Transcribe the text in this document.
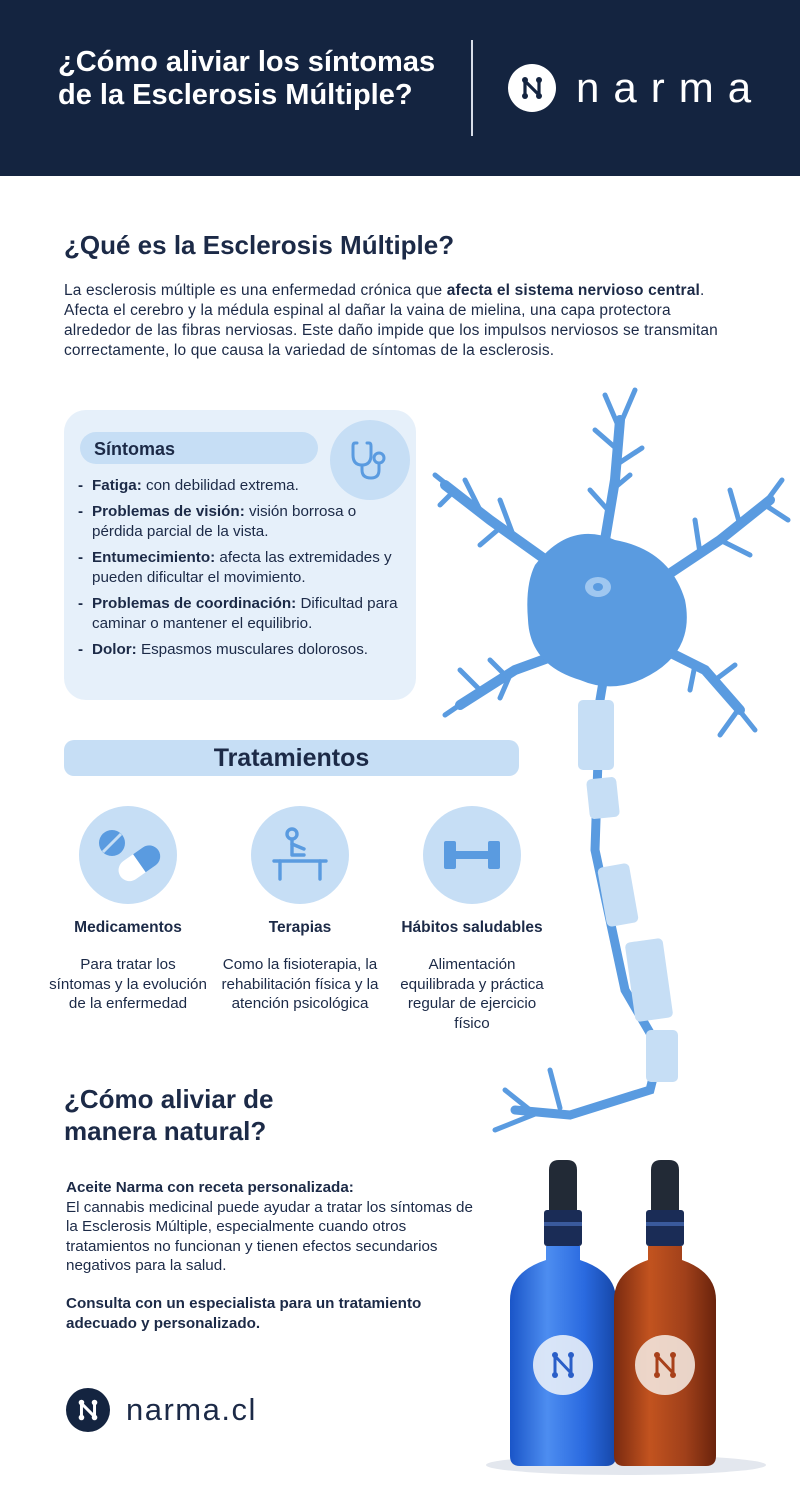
¿Cómo aliviar los síntomas de la Esclerosis Múltiple?	narma
¿Qué es la Esclerosis Múltiple?

La esclerosis múltiple es una enfermedad crónica que afecta el sistema nervioso central. Afecta el cerebro y la médula espinal al dañar la vaina de mielina, una capa protectora alrededor de las fibras nerviosas. Este daño impide que los impulsos nerviosos se transmitan correctamente, lo que causa la variedad de síntomas de la esclerosis.

Síntomas
- Fatiga: con debilidad extrema.
- Problemas de visión: visión borrosa o pérdida parcial de la vista.
- Entumecimiento: afecta las extremidades y pueden dificultar el movimiento.
- Problemas de coordinación: Dificultad para caminar o mantener el equilibrio.
- Dolor: Espasmos musculares dolorosos.
Tratamientos
Medicamentos
Para tratar los síntomas y la evolución de la enfermedad
Terapias
Como la fisioterapia, la rehabilitación física y la atención psicológica
Hábitos saludables
Alimentación equilibrada y práctica regular de ejercicio físico
¿Cómo aliviar de manera natural?
Aceite Narma con receta personalizada:
El cannabis medicinal puede ayudar a tratar los síntomas de la Esclerosis Múltiple, especialmente cuando otros tratamientos no funcionan y tienen efectos secundarios negativos para la salud.
Consulta con un especialista para un tratamiento adecuado y personalizado.
narma.cl
